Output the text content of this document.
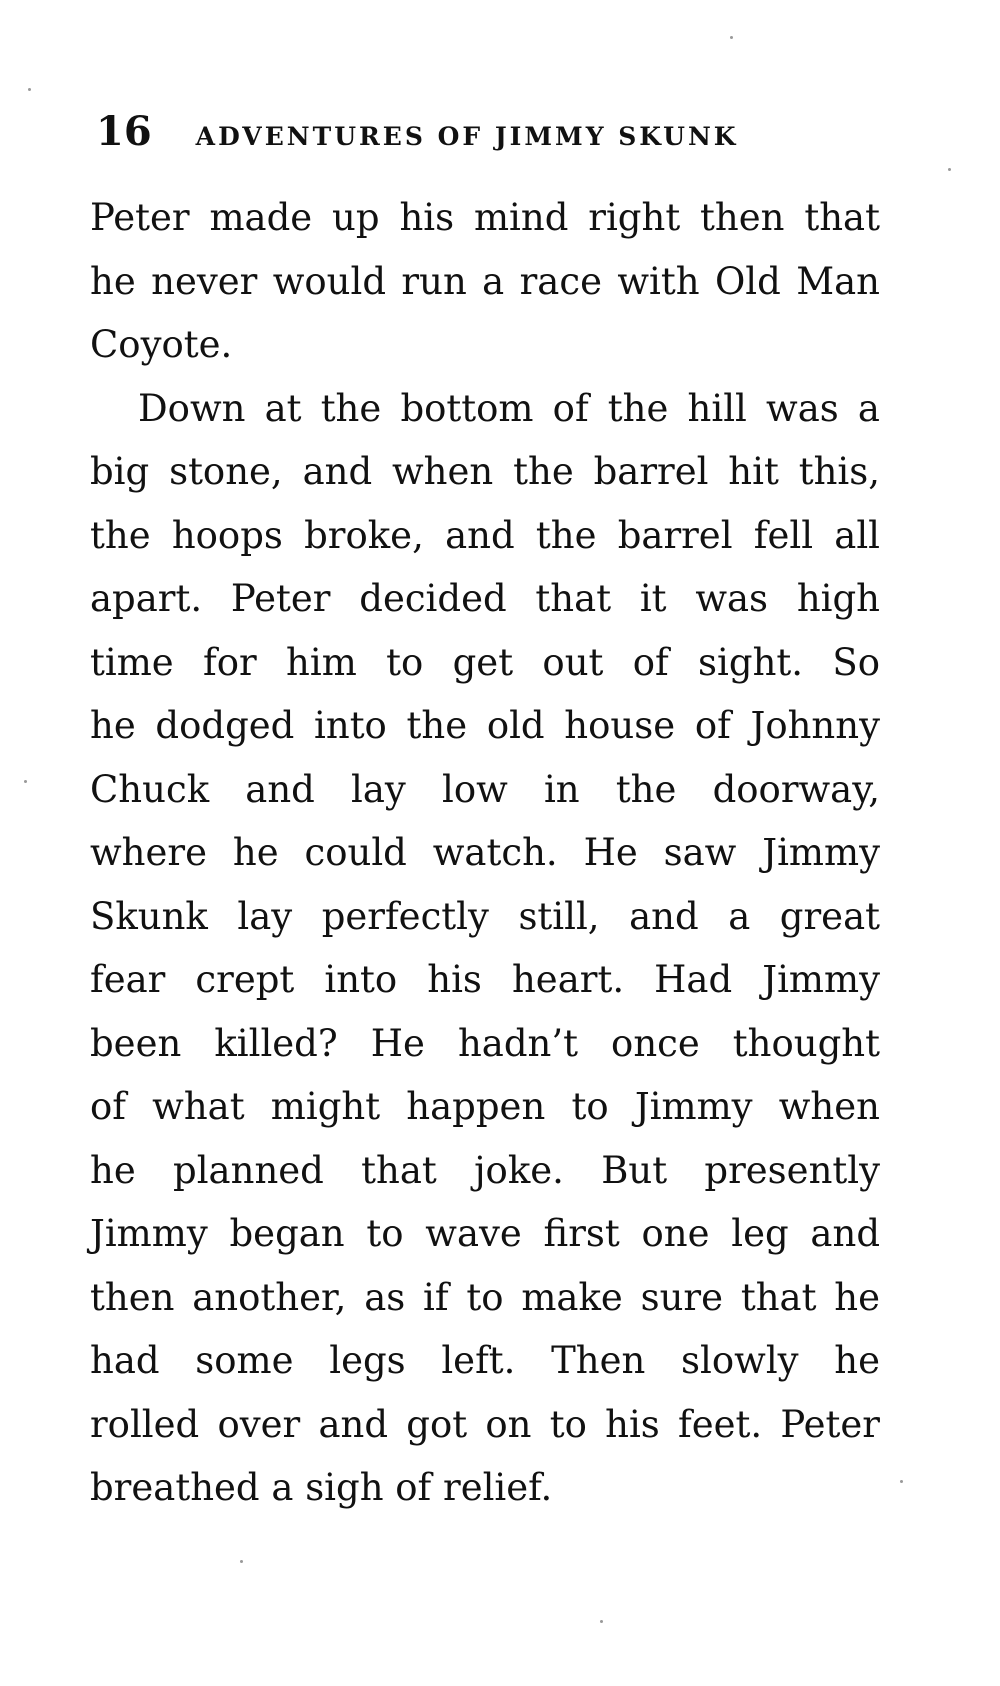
16 ADVENTURES OF JIMMY SKUNK
Peter made up his mind right then that
he never would run a race with Old Man
Coyote.
Down at the bottom of the hill was a
big stone, and when the barrel hit this,
the hoops broke, and the barrel fell all
apart. Peter decided that it was high
time for him to get out of sight. So
he dodged into the old house of Johnny
Chuck and lay low in the doorway,
where he could watch. He saw Jimmy
Skunk lay perfectly still, and a great
fear crept into his heart. Had Jimmy
been killed? He hadn’t once thought
of what might happen to Jimmy when
he planned that joke. But presently
Jimmy began to wave first one leg and
then another, as if to make sure that he
had some legs left. Then slowly he
rolled over and got on to his feet. Peter
breathed a sigh of relief.
